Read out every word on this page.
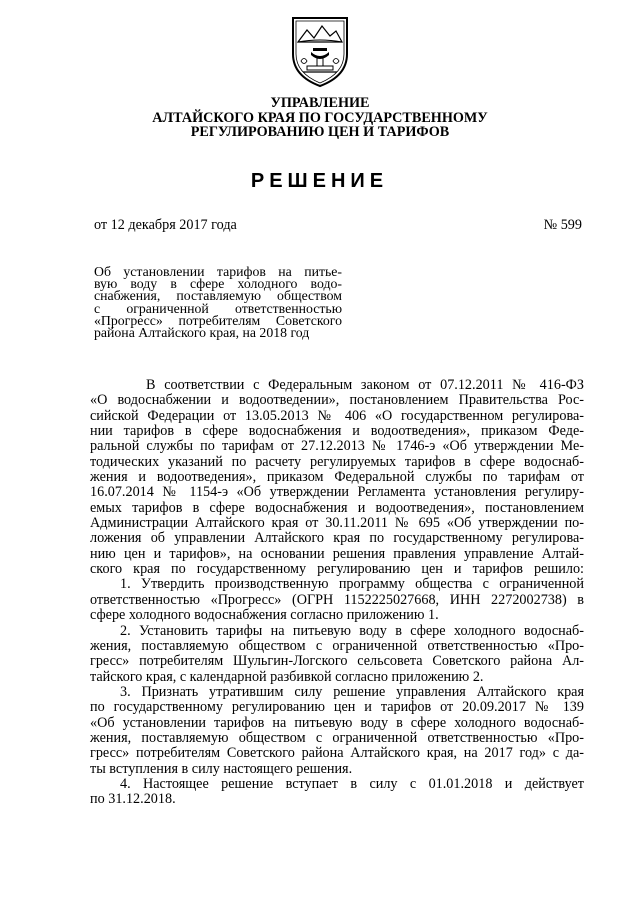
УПРАВЛЕНИЕ
АЛТАЙСКОГО КРАЯ ПО ГОСУДАРСТВЕННОМУ
РЕГУЛИРОВАНИЮ ЦЕН И ТАРИФОВ
РЕШЕНИЕ
от 12 декабря 2017 года	№ 599
Об установлении тарифов на питье-
вую воду в сфере холодного водо-
снабжения, поставляемую обществом
с ограниченной ответственностью
«Прогресс» потребителям Советского
района Алтайского края, на 2018 год
В соответствии с Федеральным законом от 07.12.2011 № 416-ФЗ
«О водоснабжении и водоотведении», постановлением Правительства Рос-
сийской Федерации от 13.05.2013 № 406 «О государственном регулирова-
нии тарифов в сфере водоснабжения и водоотведения», приказом Феде-
ральной службы по тарифам от 27.12.2013 № 1746-э «Об утверждении Ме-
тодических указаний по расчету регулируемых тарифов в сфере водоснаб-
жения и водоотведения», приказом Федеральной службы по тарифам от
16.07.2014 № 1154-э «Об утверждении Регламента установления регулиру-
емых тарифов в сфере водоснабжения и водоотведения», постановлением
Администрации Алтайского края от 30.11.2011 № 695 «Об утверждении по-
ложения об управлении Алтайского края по государственному регулирова-
нию цен и тарифов», на основании решения правления управление Алтай-
ского края по государственному регулированию цен и тарифов решило:
1. Утвердить производственную программу общества с ограниченной
ответственностью «Прогресс» (ОГРН 1152225027668, ИНН 2272002738) в
сфере холодного водоснабжения согласно приложению 1.
2. Установить тарифы на питьевую воду в сфере холодного водоснаб-
жения, поставляемую обществом с ограниченной ответственностью «Про-
гресс» потребителям Шульгин-Логского сельсовета Советского района Ал-
тайского края, с календарной разбивкой согласно приложению 2.
3. Признать утратившим силу решение управления Алтайского края
по государственному регулированию цен и тарифов от 20.09.2017 № 139
«Об установлении тарифов на питьевую воду в сфере холодного водоснаб-
жения, поставляемую обществом с ограниченной ответственностью «Про-
гресс» потребителям Советского района Алтайского края, на 2017 год» с да-
ты вступления в силу настоящего решения.
4. Настоящее решение вступает в силу с 01.01.2018 и действует
по 31.12.2018.
